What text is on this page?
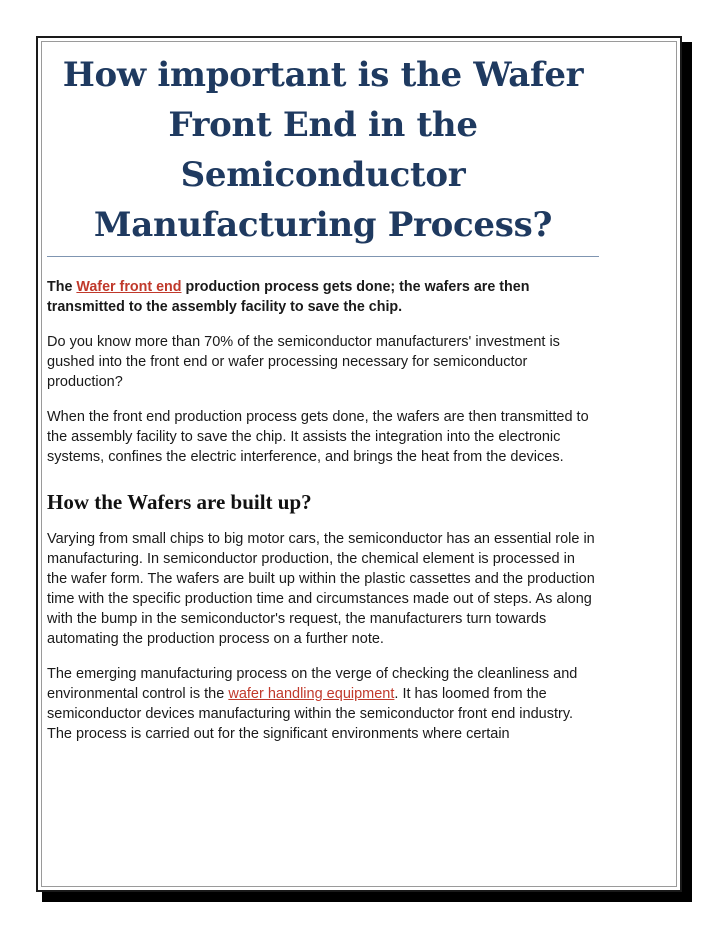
How important is the Wafer Front End in the Semiconductor Manufacturing Process?

The Wafer front end production process gets done; the wafers are then transmitted to the assembly facility to save the chip.

Do you know more than 70% of the semiconductor manufacturers' investment is gushed into the front end or wafer processing necessary for semiconductor production?

When the front end production process gets done, the wafers are then transmitted to the assembly facility to save the chip. It assists the integration into the electronic systems, confines the electric interference, and brings the heat from the devices.

How the Wafers are built up?

Varying from small chips to big motor cars, the semiconductor has an essential role in manufacturing. In semiconductor production, the chemical element is processed in the wafer form. The wafers are built up within the plastic cassettes and the production time with the specific production time and circumstances made out of steps. As along with the bump in the semiconductor's request, the manufacturers turn towards automating the production process on a further note.

The emerging manufacturing process on the verge of checking the cleanliness and environmental control is the wafer handling equipment. It has loomed from the semiconductor devices manufacturing within the semiconductor front end industry. The process is carried out for the significant environments where certain
